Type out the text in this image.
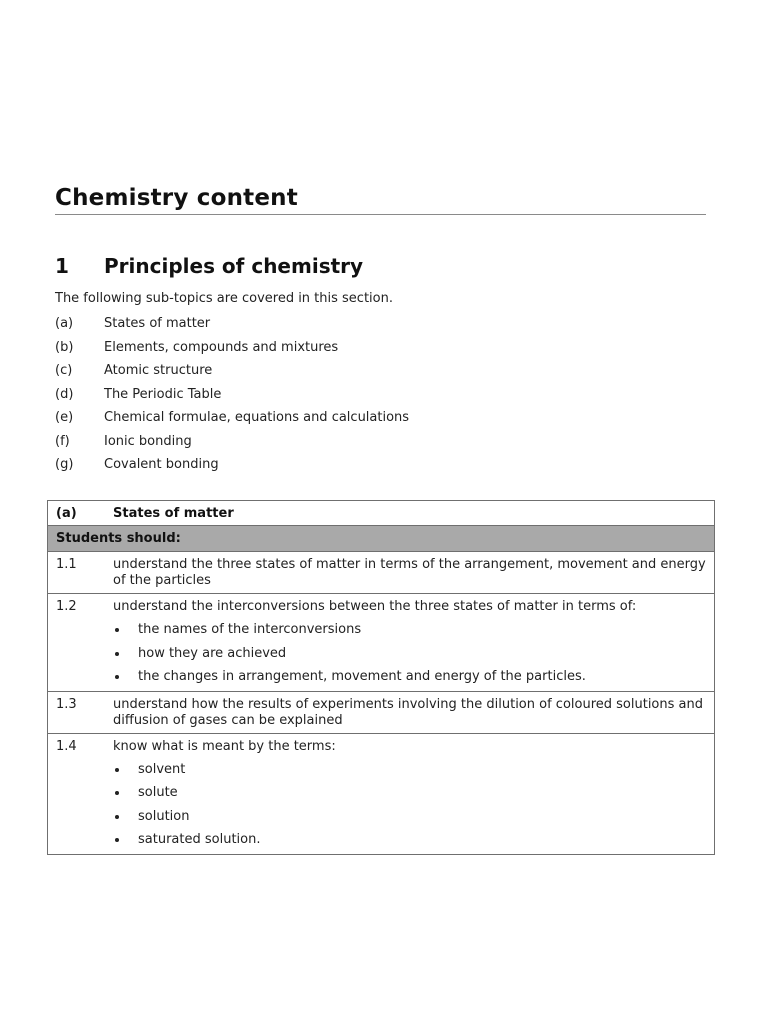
Chemistry content
1 Principles of chemistry
The following sub-topics are covered in this section.
(a) States of matter
(b) Elements, compounds and mixtures
(c) Atomic structure
(d) The Periodic Table
(e) Chemical formulae, equations and calculations
(f)	Ionic bonding
(g) Covalent bonding
(a)	States of matter
Students should:
1.1	understand the three states of matter in terms of the arrangement, movement and energy of the particles

1.2	understand the interconversions between the three states of matter in terms of:

the names of the interconversions
how they are achieved
the changes in arrangement, movement and energy of the particles.
1.3	understand how the results of experiments involving the dilution of coloured solutions and diffusion of gases can be explained

1.4	know what is meant by the terms:

solvent
solute
solution
saturated solution.
